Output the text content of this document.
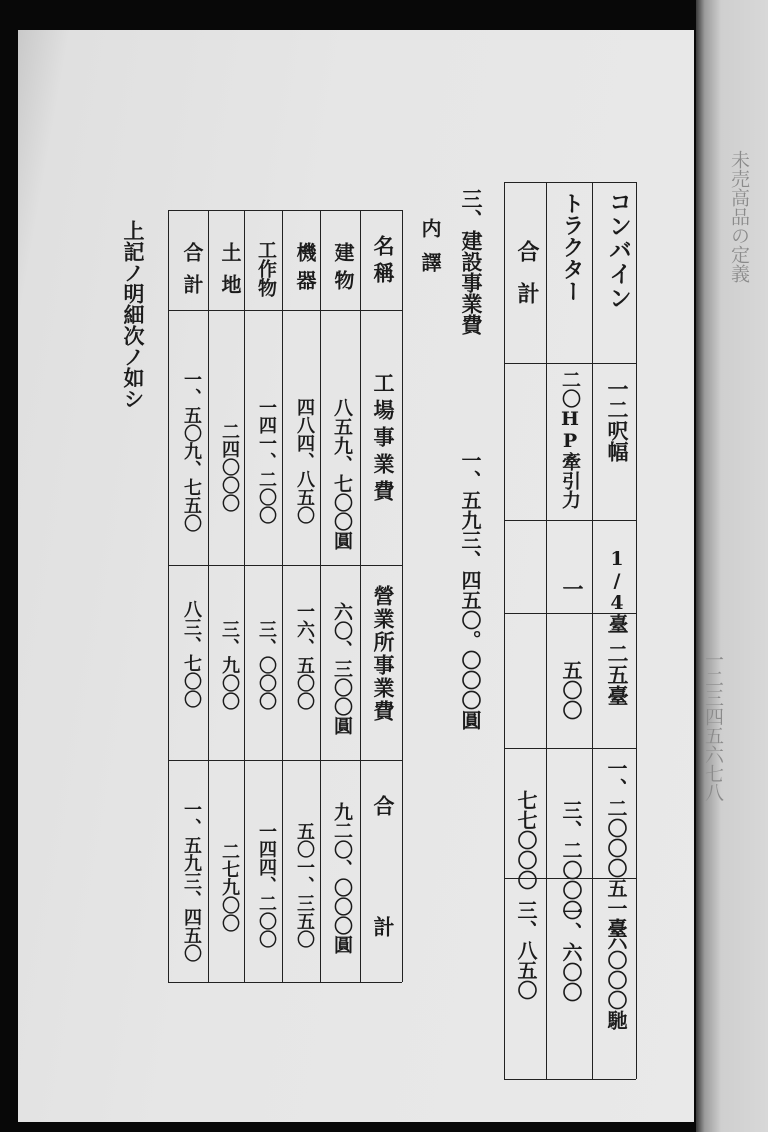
未売高品の定義
一二三四五六七八
コンバイン
一二呎幅
一二五臺
一、二〇〇〇五一臺
六〇〇〇馳
トラクター
二〇HP牽引力
1/4臺
一
五〇〇
三、二〇〇〇
一、六〇〇
合計
七七〇〇〇
三、八五〇
三、建設事業費
一、五九三、四五〇。〇〇〇圓
内譯
名稱
工場事業費
營業所事業費
合計
建物
八五九、七〇〇圓
六〇、三〇〇圓
九二〇、〇〇〇圓
機器
四八四、八五〇
一六、五〇〇
五〇一、三五〇
工作物
一四一、二〇〇
三、〇〇〇
一四四、二〇〇
土地
二四〇〇〇
三、九〇〇
二七九〇〇
合計
一、五〇九、七五〇
八三、七〇〇
一、五九三、四五〇
上記ノ明細次ノ如シ
